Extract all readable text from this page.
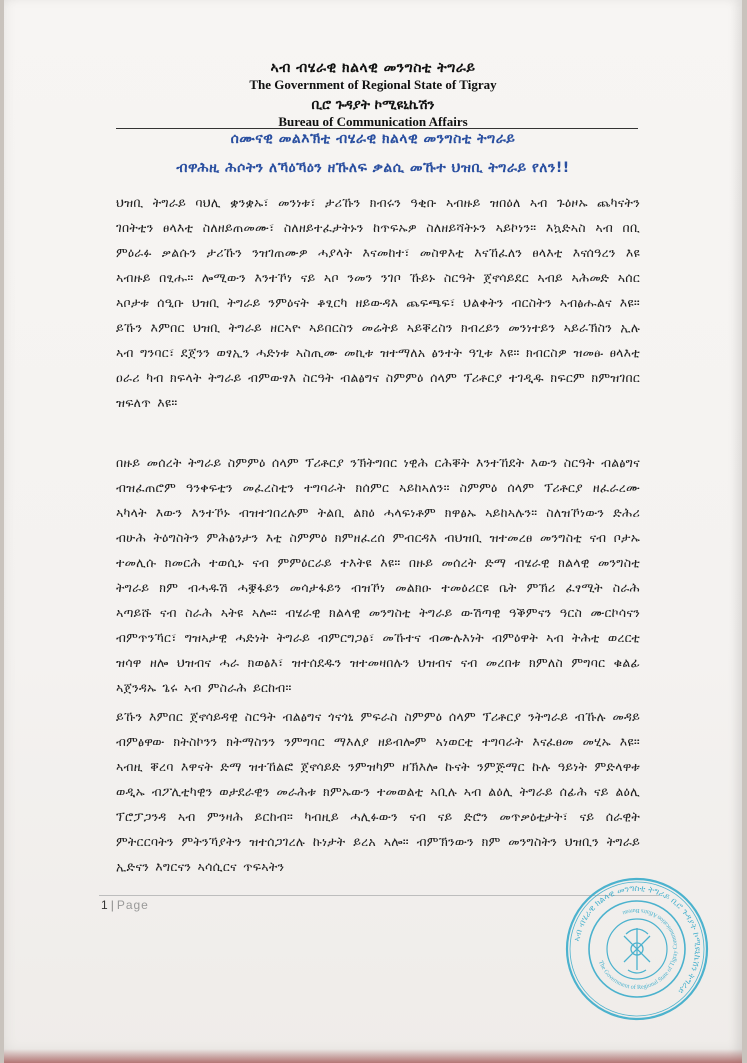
ኣብ ብሄራዊ ክልላዊ መንግስቲ ትግራይ
The Government of Regional State of Tigray
ቢሮ ጉዳያት ኮሚዩኒኬሽን
Bureau of Communication Affairs
ሰሙናዊ መልእኽቲ ብሄራዊ ክልላዊ መንግስቲ ትግራይ
ብዋሕዚ ሕሶትን ለኻዕኻዕን ዘኹለፍ ቃልሲ መኹተ ህዝቢ ትግራይ የለን!!
ህዝቢ ትግራይ ባህሊ ቋንቋኡ፣ መንነቱ፣ ታሪኹን ክብሩን ዓቂቡ ኣብዙይ ዝበዕለ ኣብ ጉዕዞኡ ጨካናትን ገበትቲን ፀላእቲ ስለዘይጠመሙ፣ ስለዘይተፈታትኑን ከጥፍኡዎ ስለዘይሻትኑን ኣይኮነን። እኳድኣስ ኣብ በቢ ምዕራፉ ቃልሱን ታሪኹን ንዝገጠሙዎ ሓያላት እናመከተ፣ መስዋእቲ እናኸፈለን ፀላእቲ እናሰዓረን እዩ ኣብዙይ በፂሑ። ሎሚውን እንተኾነ ናይ ኣቦ ንመን ንገቦ ኹይኑ ስርዓት ጀኖሳይደር ኣብይ ኣሕመድ ኣሰር ኣቦታቱ ሰዒቡ ህዝቢ ትግራይ ንምዕናት ቆፂርካ ዘይውዳእ ጨፍጫፍ፣ ህልቀትን ብርስትን ኣብፅሑልና እዩ። ይኹን እምበር ህዝቢ ትግራይ ዘርኣዮ ኣይበርስን መሬትይ ኣይቐረስን ክብረይን መንነተይን ኣይራኽስን ኢሉ ኣብ ግንባር፣ ደጀንን ወፃኢን ሓድነቱ ኣስጢሙ መኪቱ ዝተማለአ ፅንተት ዓጊቱ እዩ። ክብርስዎ ዝመፁ ፀላእቲ ዐራሪ ካብ ክፍላት ትግራይ ብምውፃእ ስርዓት ብልፅግና ስምምዕ ሰላም ፕሪቶርያ ተገዲዱ ክፍርም ክምዝገበር ዝፍለጥ እዩ።
በዙይ መሰረት ትግራይ ስምምዕ ሰላም ፕሪቶርያ ንኽትግበር ነዊሕ ርሕቐት እንተኸደት እውን ስርዓት ብልፅግና ብዝፈጠሮም ዓንቀፍቲን መፈረስቲን ተግባራት ክሰምር ኣይከኣለን። ስምምዕ ሰላም ፕሪቶርያ ዘፈራረሙ ኣካላት እውን እንተኾኑ ብዝተገበረሉም ትልቢ ልክዕ ሓላፍነቶም ክዋፅኡ ኣይከኣሉን። ስለዝኾነውን ድሕሪ ብሁሕ ትዕግስትን ምሕፅንታን እቲ ስምምዕ ክምዘፈረሰ ምብርዳእ ብህዝቢ ዝተመረፀ መንግስቲ ናብ ቦታኡ ተመሊሱ ክመርሕ ተወሲኑ ናብ ምምዕርራይ ተእትዩ እዩ። በዙይ መሰረት ድማ ብሄራዊ ክልላዊ መንግስቲ ትግራይ ክም ብሓዱሽ ሓቛፋይን መሳታፋይን ብዝኾነ መልክዑ ተመዕሪርዩ ቤት ምኽሪ ፈፃሚት ስራሕ ኣጣይሹ ናብ ስራሕ ኣትዩ ኣሎ። ብሄራዊ ክልላዊ መንግስቲ ትግራይ ውሽጣዊ ዓቕምናን ዓርስ ሙርኮሳናን ብምጥንኻር፣ ግዝኣታዊ ሓድነት ትግራይ ብምርግጋፅ፣ መኹተና ብሙሉእነት ብምዕዋት ኣብ ትሕቲ ወረርቲ ዝሳዋ ዘሎ ህዝብና ሓራ ክወፅእ፣ ዝተሰደዱን ዝተመዛበሉን ህዝብና ናብ መረበቱ ክምለስ ምግባር ቁልፊ ኣጀንዳኡ ጌሩ ኣብ ምስራሕ ይርከብ።
ይኹን እምበር ጀኖሳይዳዊ ስርዓት ብልፅግና ጎናጎኒ ምፍራስ ስምምዕ ሰላም ፕሪቶርያ ንትግራይ ብኹሉ መዳይ ብምፅዋው ክትስኮንን ክትማስንን ንምግባር ማእለያ ዘይብሎም ኣነወርቲ ተግባራት እናፈፀመ መሂኡ እዩ። ኣብዚ ቐረባ እዋናት ድማ ዝተኸልፎ ጀኖሳይድ ንምዝካም ዘኽእሎ ኩናት ንምጅማር ኩሉ ዓይነት ምድላዋቱ ወዲኡ ብፖሊቲካዊን ወታደራዊን መራሕቱ ክምኡውን ተመወልቲ ኣቢሉ ኣብ ልዕሊ ትግራይ ሰፊሕ ናይ ልዕሊ ፕሮፓጋንዳ ኣብ ምንዛሕ ይርከብ። ካብዚይ ሓሊፉውን ናብ ናይ ድሮን መጥቃዕቲታት፣ ናይ ሰራዊት ምትርርባትን ምትንኻያትን ዝተሰጋገረሉ ኩነታት ይረአ ኣሎ። ብምኽንውን ክም መንግስትን ህዝቢን ትግራይ ኢድናን እግርናን ኣሳሲርና ጥፍኣትን
1 | Page
ኣብ ብሄራዊ ክልላዊ መንግስቲ ትግራይ ቢሮ ጉዳያት ኮሚዩኒኬሽን ትግራይ
The Government of Regional State of Tigray Communication Affairs Bureau
